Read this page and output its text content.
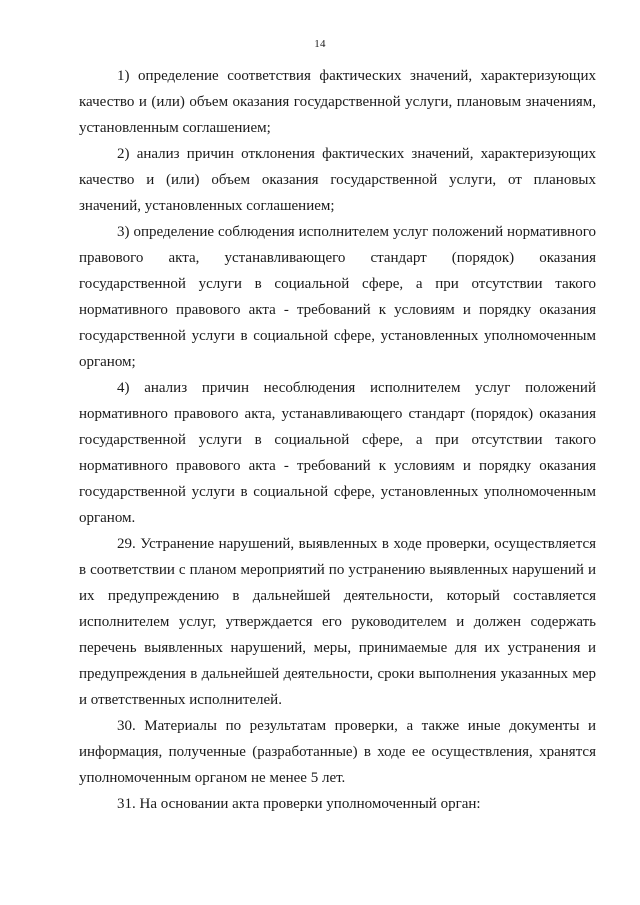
14

1) определение соответствия фактических значений, характеризующих качество и (или) объем оказания государственной услуги, плановым значениям, установленным соглашением;

2) анализ причин отклонения фактических значений, характеризующих качество и (или) объем оказания государственной услуги, от плановых значений, установленных соглашением;

3) определение соблюдения исполнителем услуг положений нормативного правового акта, устанавливающего стандарт (порядок) оказания государственной услуги в социальной сфере, а при отсутствии такого нормативного правового акта - требований к условиям и порядку оказания государственной услуги в социальной сфере, установленных уполномоченным органом;

4) анализ причин несоблюдения исполнителем услуг положений нормативного правового акта, устанавливающего стандарт (порядок) оказания государственной услуги в социальной сфере, а при отсутствии такого нормативного правового акта - требований к условиям и порядку оказания государственной услуги в социальной сфере, установленных уполномоченным органом.

29. Устранение нарушений, выявленных в ходе проверки, осуществляется в соответствии с планом мероприятий по устранению выявленных нарушений и их предупреждению в дальнейшей деятельности, который составляется исполнителем услуг, утверждается его руководителем и должен содержать перечень выявленных нарушений, меры, принимаемые для их устранения и предупреждения в дальнейшей деятельности, сроки выполнения указанных мер и ответственных исполнителей.

30. Материалы по результатам проверки, а также иные документы и информация, полученные (разработанные) в ходе ее осуществления, хранятся уполномоченным органом не менее 5 лет.

31. На основании акта проверки уполномоченный орган:
